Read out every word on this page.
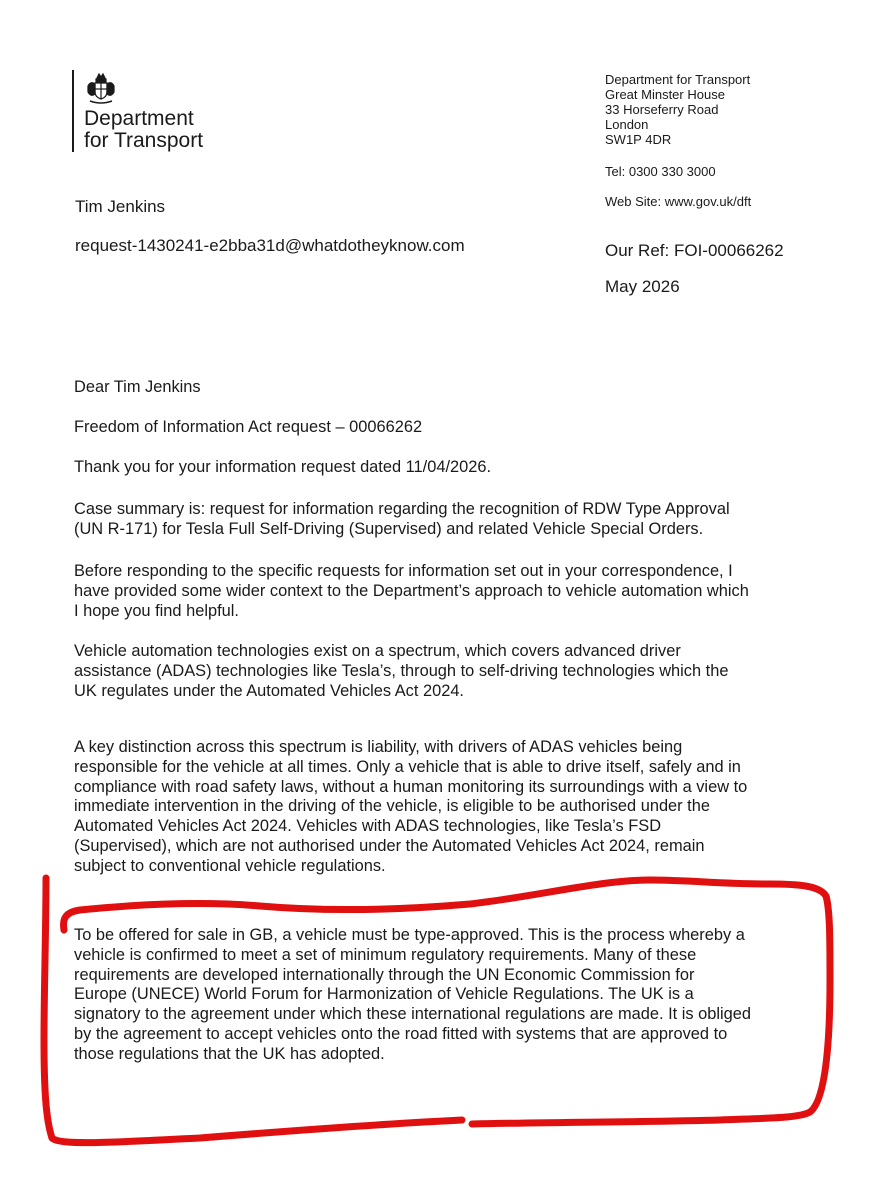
Department
for Transport
Department for Transport
Great Minster House
33 Horseferry Road
London
SW1P 4DR
Tel: 0300 330 3000
Web Site: www.gov.uk/dft
Tim Jenkins
request-1430241-e2bba31d@whatdotheyknow.com	Our Ref: FOI-00066262
May 2026

Dear Tim Jenkins

Freedom of Information Act request – 00066262

Thank you for your information request dated 11/04/2026.

Case summary is: request for information regarding the recognition of RDW Type Approval

(UN R-171) for Tesla Full Self-Driving (Supervised) and related Vehicle Special Orders.

Before responding to the specific requests for information set out in your correspondence, I

have provided some wider context to the Department’s approach to vehicle automation which

I hope you find helpful.

Vehicle automation technologies exist on a spectrum, which covers advanced driver

assistance (ADAS) technologies like Tesla’s, through to self-driving technologies which the

UK regulates under the Automated Vehicles Act 2024.

A key distinction across this spectrum is liability, with drivers of ADAS vehicles being

responsible for the vehicle at all times. Only a vehicle that is able to drive itself, safely and in

compliance with road safety laws, without a human monitoring its surroundings with a view to

immediate intervention in the driving of the vehicle, is eligible to be authorised under the

Automated Vehicles Act 2024. Vehicles with ADAS technologies, like Tesla’s FSD

(Supervised), which are not authorised under the Automated Vehicles Act 2024, remain

subject to conventional vehicle regulations.

To be offered for sale in GB, a vehicle must be type-approved. This is the process whereby a

vehicle is confirmed to meet a set of minimum regulatory requirements. Many of these

requirements are developed internationally through the UN Economic Commission for

Europe (UNECE) World Forum for Harmonization of Vehicle Regulations. The UK is a

signatory to the agreement under which these international regulations are made. It is obliged

by the agreement to accept vehicles onto the road fitted with systems that are approved to

those regulations that the UK has adopted.
